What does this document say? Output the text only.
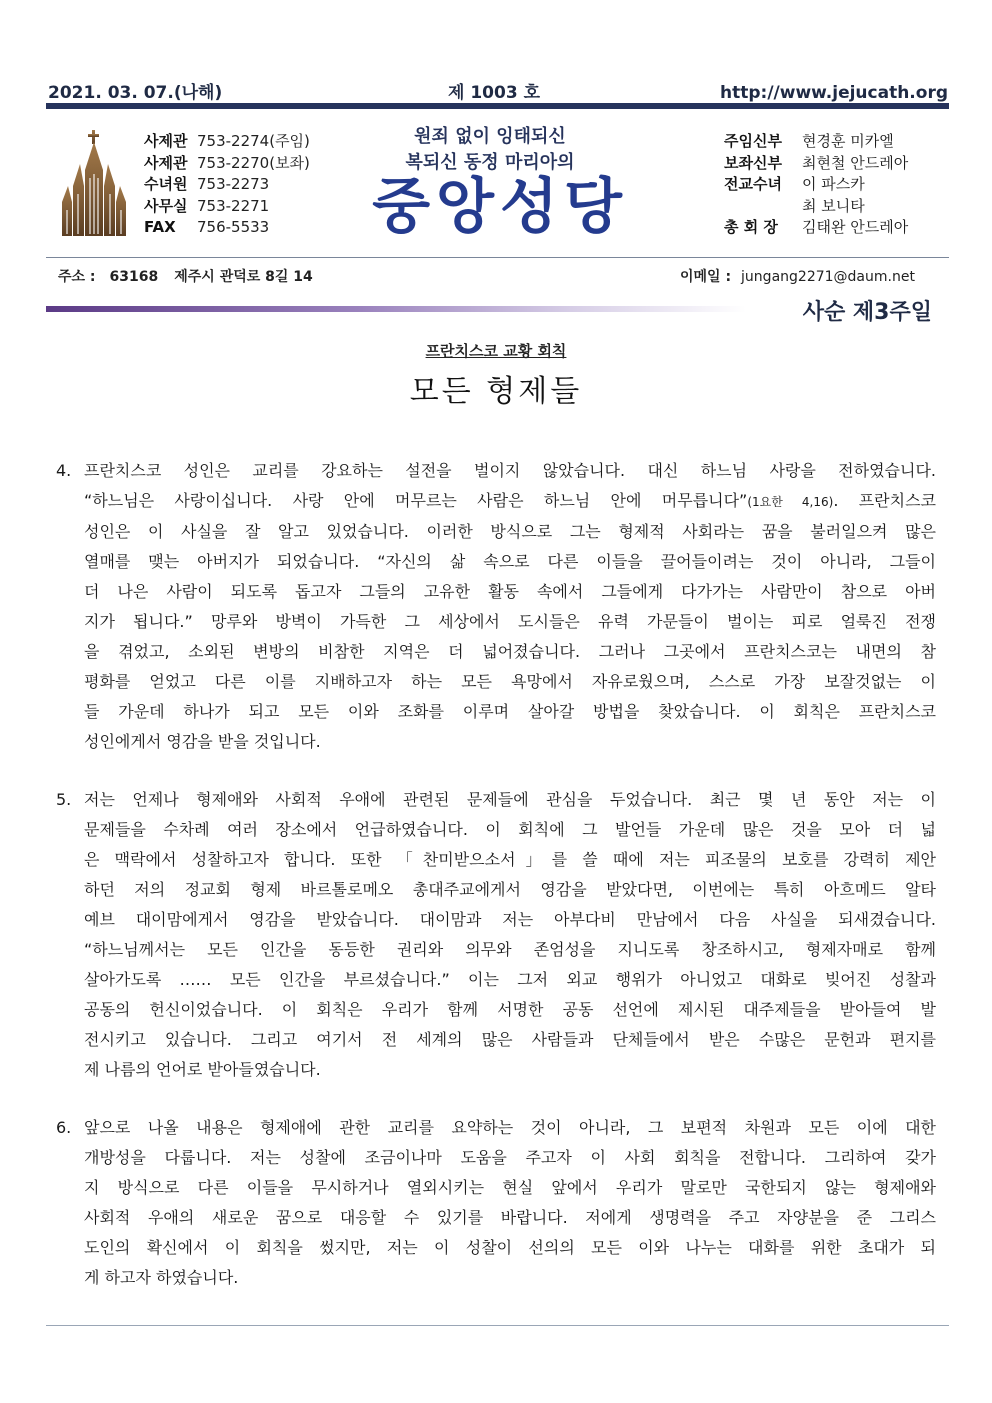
2021. 03. 07.(나해)	제 1003 호	http://www.jejucath.org
사제관 753-2274(주임)
사제관 753-2270(보좌)
수녀원 753-2273
사무실 753-2271
FAX 756-5533
원죄 없이 잉태되신
복되신 동정 마리아의
중앙성당
주임신부 현경훈 미카엘
보좌신부 최현철 안드레아
전교수녀 이 파스카
최 보니타
총 회 장 김태완 안드레아
주소 : 63168 제주시 관덕로 8길 14	이메일 : jungang2271@daum.net
사순 제3주일
프란치스코 교황 회칙
모든 형제들
4. 프란치스코 성인은 교리를 강요하는 설전을 벌이지 않았습니다. 대신 하느님 사랑을 전하였습니다.
“하느님은 사랑이십니다. 사랑 안에 머무르는 사람은 하느님 안에 머무릅니다”(1요한 4,16). 프란치스코
성인은 이 사실을 잘 알고 있었습니다. 이러한 방식으로 그는 형제적 사회라는 꿈을 불러일으켜 많은
열매를 맺는 아버지가 되었습니다. “자신의 삶 속으로 다른 이들을 끌어들이려는 것이 아니라, 그들이
더 나은 사람이 되도록 돕고자 그들의 고유한 활동 속에서 그들에게 다가가는 사람만이 참으로 아버
지가 됩니다.” 망루와 방벽이 가득한 그 세상에서 도시들은 유력 가문들이 벌이는 피로 얼룩진 전쟁
을 겪었고, 소외된 변방의 비참한 지역은 더 넓어졌습니다. 그러나 그곳에서 프란치스코는 내면의 참
평화를 얻었고 다른 이를 지배하고자 하는 모든 욕망에서 자유로웠으며, 스스로 가장 보잘것없는 이
들 가운데 하나가 되고 모든 이와 조화를 이루며 살아갈 방법을 찾았습니다. 이 회칙은 프란치스코
성인에게서 영감을 받을 것입니다.
5. 저는 언제나 형제애와 사회적 우애에 관련된 문제들에 관심을 두었습니다. 최근 몇 년 동안 저는 이
문제들을 수차례 여러 장소에서 언급하였습니다. 이 회칙에 그 발언들 가운데 많은 것을 모아 더 넓
은 맥락에서 성찰하고자 합니다. 또한 「찬미받으소서」를 쓸 때에 저는 피조물의 보호를 강력히 제안
하던 저의 정교회 형제 바르톨로메오 총대주교에게서 영감을 받았다면, 이번에는 특히 아흐메드 알타
예브 대이맘에게서 영감을 받았습니다. 대이맘과 저는 아부다비 만남에서 다음 사실을 되새겼습니다.
“하느님께서는 모든 인간을 동등한 권리와 의무와 존엄성을 지니도록 창조하시고, 형제자매로 함께
살아가도록 …… 모든 인간을 부르셨습니다.” 이는 그저 외교 행위가 아니었고 대화로 빚어진 성찰과
공동의 헌신이었습니다. 이 회칙은 우리가 함께 서명한 공동 선언에 제시된 대주제들을 받아들여 발
전시키고 있습니다. 그리고 여기서 전 세계의 많은 사람들과 단체들에서 받은 수많은 문헌과 편지를
제 나름의 언어로 받아들였습니다.
6. 앞으로 나올 내용은 형제애에 관한 교리를 요약하는 것이 아니라, 그 보편적 차원과 모든 이에 대한
개방성을 다룹니다. 저는 성찰에 조금이나마 도움을 주고자 이 사회 회칙을 전합니다. 그리하여 갖가
지 방식으로 다른 이들을 무시하거나 열외시키는 현실 앞에서 우리가 말로만 국한되지 않는 형제애와
사회적 우애의 새로운 꿈으로 대응할 수 있기를 바랍니다. 저에게 생명력을 주고 자양분을 준 그리스
도인의 확신에서 이 회칙을 썼지만, 저는 이 성찰이 선의의 모든 이와 나누는 대화를 위한 초대가 되
게 하고자 하였습니다.
